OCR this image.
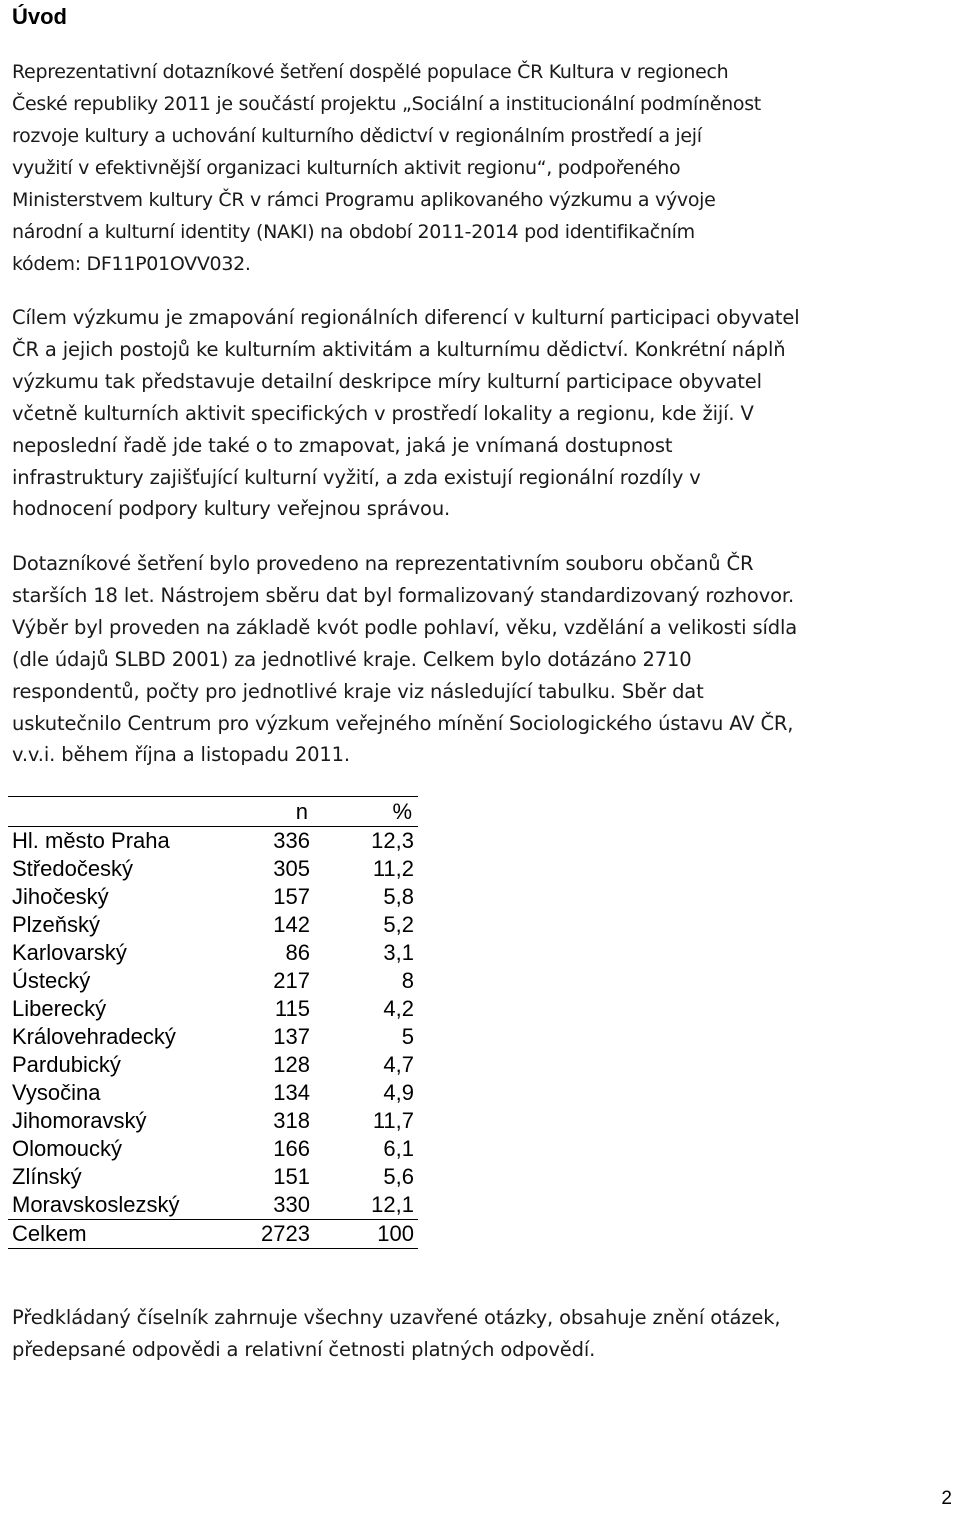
Úvod

Reprezentativní dotazníkové šetření dospělé populace ČR Kultura v regionech
České republiky 2011 je součástí projektu „Sociální a institucionální podmíněnost
rozvoje kultury a uchování kulturního dědictví v regionálním prostředí a její
využití v efektivnější organizaci kulturních aktivit regionu“, podpořeného
Ministerstvem kultury ČR v rámci Programu aplikovaného výzkumu a vývoje
národní a kulturní identity (NAKI) na období 2011-2014 pod identifikačním
kódem: DF11P01OVV032.

Cílem výzkumu je zmapování regionálních diferencí v kulturní participaci obyvatel
ČR a jejich postojů ke kulturním aktivitám a kulturnímu dědictví. Konkrétní náplň
výzkumu tak představuje detailní deskripce míry kulturní participace obyvatel
včetně kulturních aktivit specifických v prostředí lokality a regionu, kde žijí. V
neposlední řadě jde také o to zmapovat, jaká je vnímaná dostupnost
infrastruktury zajišťující kulturní vyžití, a zda existují regionální rozdíly v
hodnocení podpory kultury veřejnou správou.

Dotazníkové šetření bylo provedeno na reprezentativním souboru občanů ČR
starších 18 let. Nástrojem sběru dat byl formalizovaný standardizovaný rozhovor.
Výběr byl proveden na základě kvót podle pohlaví, věku, vzdělání a velikosti sídla
(dle údajů SLBD 2001) za jednotlivé kraje. Celkem bylo dotázáno 2710
respondentů, počty pro jednotlivé kraje viz následující tabulku. Sběr dat
uskutečnilo Centrum pro výzkum veřejného mínění Sociologického ústavu AV ČR,
v.v.i. během října a listopadu 2011.

	n	%
Hl. město Praha	336	12,3
Středočeský	305	11,2
Jihočeský	157	5,8
Plzeňský	142	5,2
Karlovarský	86	3,1
Ústecký	217	8
Liberecký	115	4,2
Královehradecký	137	5
Pardubický	128	4,7
Vysočina	134	4,9
Jihomoravský	318	11,7
Olomoucký	166	6,1
Zlínský	151	5,6
Moravskoslezský	330	12,1
Celkem	2723	100

Předkládaný číselník zahrnuje všechny uzavřené otázky, obsahuje znění otázek,
předepsané odpovědi a relativní četnosti platných odpovědí.

2
